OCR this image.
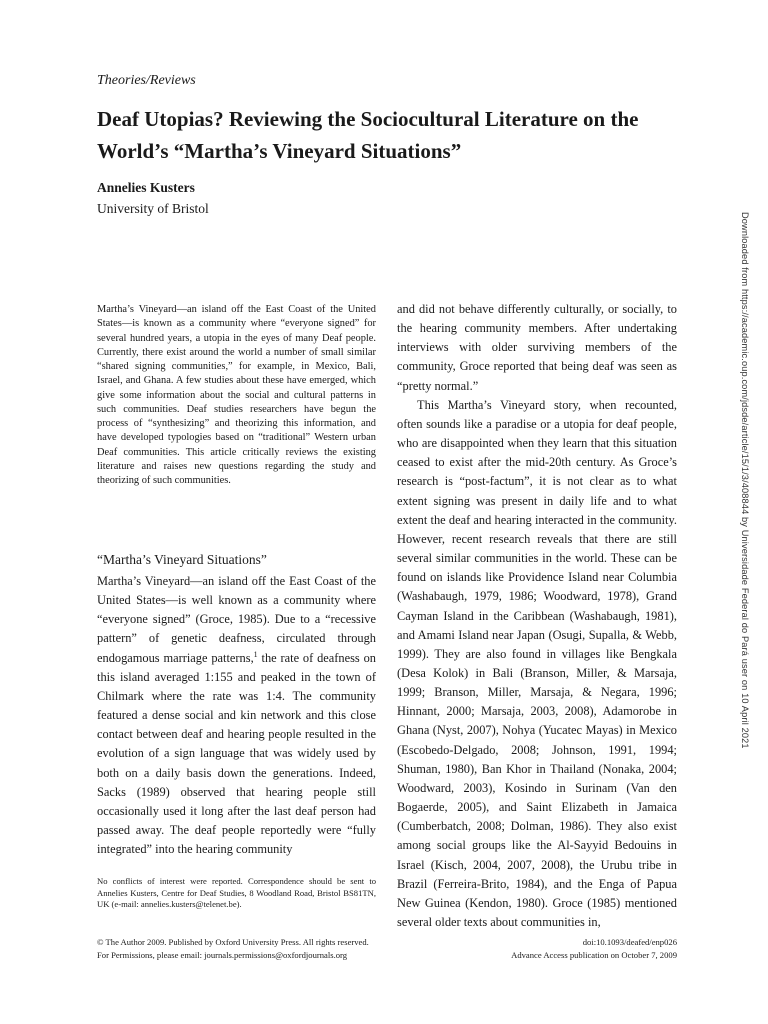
Theories/Reviews
Deaf Utopias? Reviewing the Sociocultural Literature on the World’s “Martha’s Vineyard Situations”
Annelies Kusters
University of Bristol

Martha’s Vineyard—an island off the East Coast of the United States—is known as a community where “everyone signed” for several hundred years, a utopia in the eyes of many Deaf people. Currently, there exist around the world a number of small similar “shared signing communities,” for example, in Mexico, Bali, Israel, and Ghana. A few studies about these have emerged, which give some information about the social and cultural patterns in such communities. Deaf studies researchers have begun the process of “synthesizing” and theorizing this information, and have developed typologies based on “traditional” Western urban Deaf communities. This article critically reviews the existing literature and raises new questions regarding the study and theorizing of such communities.

“Martha’s Vineyard Situations”

Martha’s Vineyard—an island off the East Coast of the United States—is well known as a community where “everyone signed” (Groce, 1985). Due to a “recessive pattern” of genetic deafness, circulated through endogamous marriage patterns,$^1$ the rate of deafness on this island averaged 1:155 and peaked in the town of Chilmark where the rate was 1:4. The community featured a dense social and kin network and this close contact between deaf and hearing people resulted in the evolution of a sign language that was widely used by both on a daily basis down the generations. Indeed, Sacks (1989) observed that hearing people still occasionally used it long after the last deaf person had passed away. The deaf people reportedly were “fully integrated” into the hearing community

No conflicts of interest were reported. Correspondence should be sent to Annelies Kusters, Centre for Deaf Studies, 8 Woodland Road, Bristol BS81TN, UK (e-mail: annelies.kusters@telenet.be).

and did not behave differently culturally, or socially, to the hearing community members. After undertaking interviews with older surviving members of the community, Groce reported that being deaf was seen as “pretty normal.”

This Martha’s Vineyard story, when recounted, often sounds like a paradise or a utopia for deaf people, who are disappointed when they learn that this situation ceased to exist after the mid-20th century. As Groce’s research is “post-factum”, it is not clear as to what extent signing was present in daily life and to what extent the deaf and hearing interacted in the community. However, recent research reveals that there are still several similar communities in the world. These can be found on islands like Providence Island near Columbia (Washabaugh, 1979, 1986; Woodward, 1978), Grand Cayman Island in the Caribbean (Washabaugh, 1981), and Amami Island near Japan (Osugi, Supalla, & Webb, 1999). They are also found in villages like Bengkala (Desa Kolok) in Bali (Branson, Miller, & Marsaja, 1999; Branson, Miller, Marsaja, & Negara, 1996; Hinnant, 2000; Marsaja, 2003, 2008), Adamorobe in Ghana (Nyst, 2007), Nohya (Yucatec Mayas) in Mexico (Escobedo-Delgado, 2008; Johnson, 1991, 1994; Shuman, 1980), Ban Khor in Thailand (Nonaka, 2004; Woodward, 2003), Kosindo in Surinam (Van den Bogaerde, 2005), and Saint Elizabeth in Jamaica (Cumberbatch, 2008; Dolman, 1986). They also exist among social groups like the Al-Sayyid Bedouins in Israel (Kisch, 2004, 2007, 2008), the Urubu tribe in Brazil (Ferreira-Brito, 1984), and the Enga of Papua New Guinea (Kendon, 1980). Groce (1985) mentioned several older texts about communities in,

© The Author 2009. Published by Oxford University Press. All rights reserved.
For Permissions, please email: journals.permissions@oxfordjournals.org
doi:10.1093/deafed/enp026
Advance Access publication on October 7, 2009
Downloaded from https://academic.oup.com/jdsde/article/15/1/3/408844 by Universidade Federal do Pará user on 10 April 2021
